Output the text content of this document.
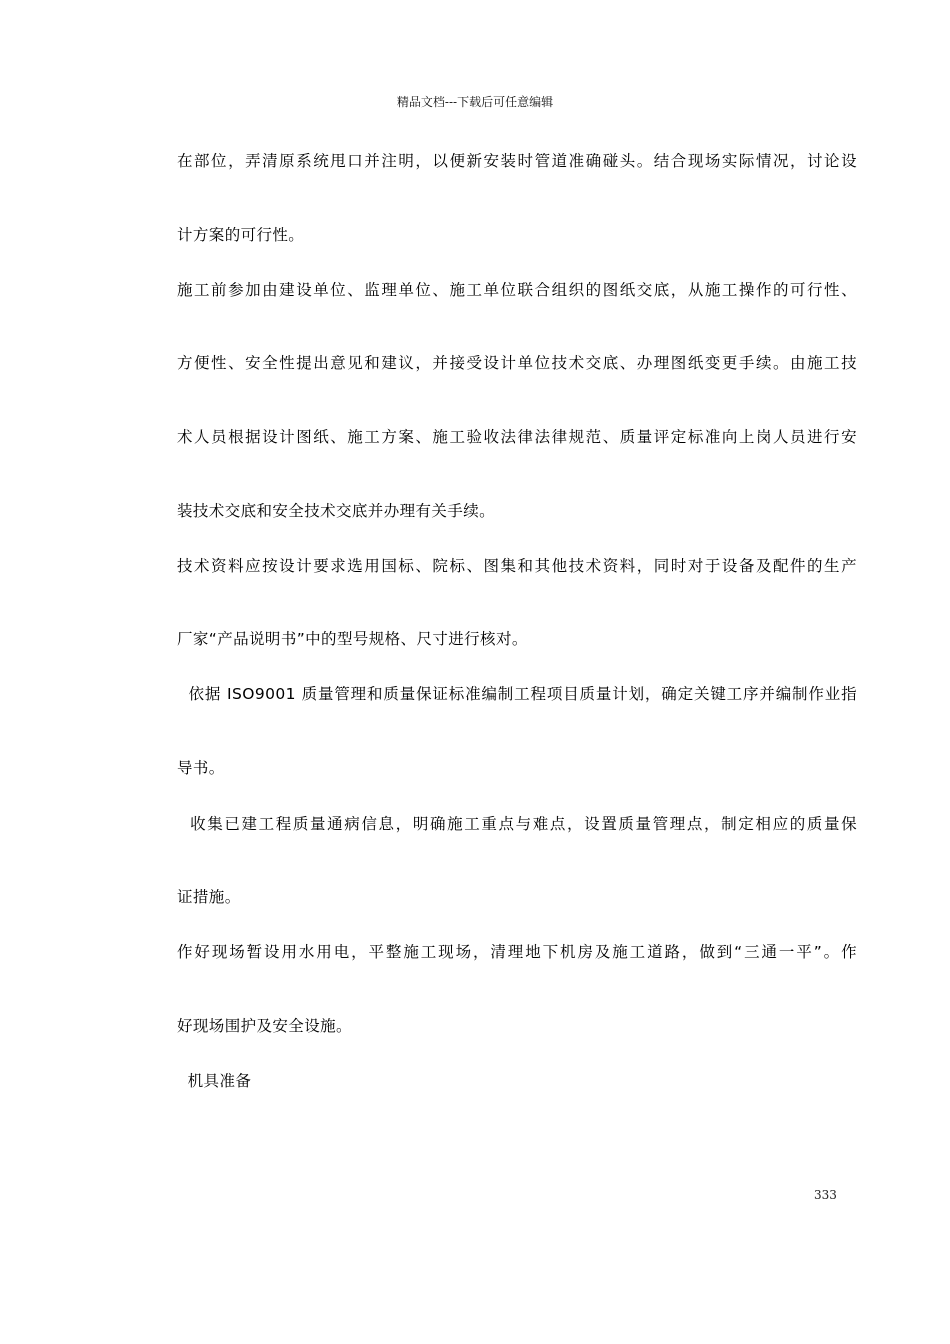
精品文档---下载后可任意编辑
在部位，弄清原系统甩口并注明，以便新安装时管道准确碰头。结合现场实际情况，讨论设
计方案的可行性。
施工前参加由建设单位、监理单位、施工单位联合组织的图纸交底，从施工操作的可行性、
方便性、安全性提出意见和建议，并接受设计单位技术交底、办理图纸变更手续。由施工技
术人员根据设计图纸、施工方案、施工验收法律法律规范、质量评定标准向上岗人员进行安
装技术交底和安全技术交底并办理有关手续。
技术资料应按设计要求选用国标、院标、图集和其他技术资料，同时对于设备及配件的生产
厂家“产品说明书”中的型号规格、尺寸进行核对。
依据 ISO9001 质量管理和质量保证标准编制工程项目质量计划，确定关键工序并编制作业指
导书。
收集已建工程质量通病信息，明确施工重点与难点，设置质量管理点，制定相应的质量保
证措施。
作好现场暂设用水用电，平整施工现场，清理地下机房及施工道路，做到“三通一平”。作
好现场围护及安全设施。
机具准备
333
